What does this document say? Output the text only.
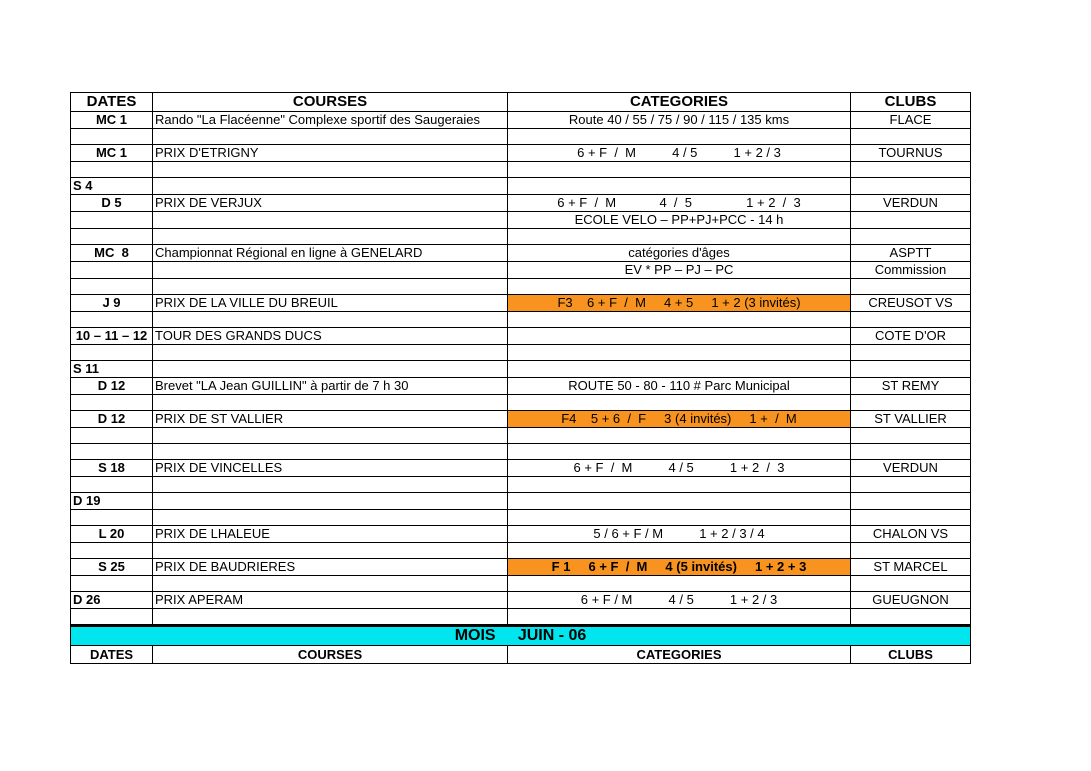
DATES	COURSES	CATEGORIES	CLUBS
MC 1	Rando "La Flacéenne" Complexe sportif des Saugeraies	Route 40 / 55 / 75 / 90 / 115 / 135 kms	FLACE

MC 1	PRIX D'ETRIGNY	6 + F  /  M          4 / 5          1 + 2 / 3	TOURNUS

S 4			
D 5	PRIX DE VERJUX	6 + F  /  M            4  /  5               1 + 2  /  3	VERDUN
		ECOLE VELO – PP+PJ+PCC - 14 h	

MC  8	Championnat Régional en ligne à GENELARD	catégories d'âges	ASPTT
		EV * PP – PJ – PC	Commission

J 9	PRIX DE LA VILLE DU BREUIL	F3    6 + F  /  M     4 + 5     1 + 2 (3 invités)	CREUSOT VS

10 – 11 – 12	TOUR DES GRANDS DUCS		COTE D'OR

S 11			
D 12	Brevet "LA Jean GUILLIN" à partir de 7 h 30	ROUTE 50 - 80 - 110 # Parc Municipal	ST REMY

D 12	PRIX DE ST VALLIER	F4    5 + 6  /  F     3 (4 invités)     1 +  /  M	ST VALLIER

S 18	PRIX DE VINCELLES	6 + F  /  M          4 / 5          1 + 2  /  3	VERDUN

D 19			

L 20	PRIX DE LHALEUE	5 / 6 + F / M          1 + 2 / 3 / 4	CHALON VS

S 25	PRIX DE BAUDRIERES	F 1     6 + F  /  M     4 (5 invités)     1 + 2 + 3	ST MARCEL

D 26	PRIX APERAM	6 + F / M          4 / 5          1 + 2 / 3	GUEUGNON

MOIS     JUIN - 06			
DATES	COURSES	CATEGORIES	CLUBS
